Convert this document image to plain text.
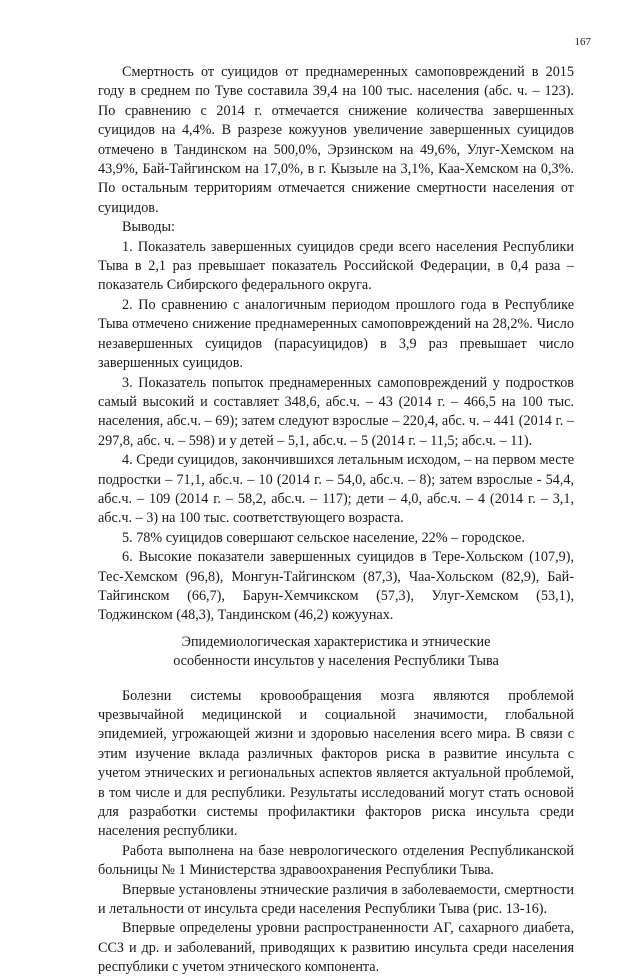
167

Смертность от суицидов от преднамеренных самоповреждений в 2015 году в среднем по Туве составила 39,4 на 100 тыс. населения (абс. ч. – 123). По сравнению с 2014 г. отмечается снижение количества завершенных суицидов на 4,4%. В разрезе кожуунов увеличение завершенных суицидов отмечено в Тандинском на 500,0%, Эрзинском на 49,6%, Улуг-Хемском на 43,9%, Бай-Тайгинском на 17,0%, в г. Кызыле на 3,1%, Каа-Хемском на 0,3%. По остальным территориям отмечается снижение смертности населения от суицидов.

Выводы:

1. Показатель завершенных суицидов среди всего населения Республики Тыва в 2,1 раз превышает показатель Российской Федерации, в 0,4 раза – показатель Сибирского федерального округа.

2. По сравнению с аналогичным периодом прошлого года в Республике Тыва отмечено снижение преднамеренных самоповреждений на 28,2%. Число незавершенных суицидов (парасуицидов) в 3,9 раз превышает число завершенных суицидов.

3. Показатель попыток преднамеренных самоповреждений у подростков самый высокий и составляет 348,6, абс.ч. – 43 (2014 г. – 466,5 на 100 тыс. населения, абс.ч. – 69); затем следуют взрослые – 220,4, абс. ч. – 441 (2014 г. – 297,8, абс. ч. – 598) и у детей – 5,1, абс.ч. – 5 (2014 г. – 11,5; абс.ч. – 11).

4. Среди суицидов, закончившихся летальным исходом, – на первом месте подростки – 71,1, абс.ч. – 10 (2014 г. – 54,0, абс.ч. – 8); затем взрослые - 54,4, абс.ч. – 109 (2014 г. – 58,2, абс.ч. – 117); дети – 4,0, абс.ч. – 4 (2014 г. – 3,1, абс.ч. – 3) на 100 тыс. соответствующего возраста.

5. 78% суицидов совершают сельское население, 22% – городское.

6. Высокие показатели завершенных суицидов в Тере-Хольском (107,9), Тес-Хемском (96,8), Монгун-Тайгинском (87,3), Чаа-Хольском (82,9), Бай-Тайгинском (66,7), Барун-Хемчикском (57,3), Улуг-Хемском (53,1), Тоджинском (48,3), Тандинском (46,2) кожуунах.

Эпидемиологическая характеристика и этнические
особенности инсультов у населения Республики Тыва

Болезни системы кровообращения мозга являются проблемой чрезвычайной медицинской и социальной значимости, глобальной эпидемией, угрожающей жизни и здоровью населения всего мира. В связи с этим изучение вклада различных факторов риска в развитие инсульта с учетом этнических и региональных аспектов является актуальной проблемой, в том числе и для республики. Результаты исследований могут стать основой для разработки системы профилактики факторов риска инсульта среди населения республики.

Работа выполнена на базе неврологического отделения Республиканской больницы № 1 Министерства здравоохранения Республики Тыва.

Впервые установлены этнические различия в заболеваемости, смертности и летальности от инсульта среди населения Республики Тыва (рис. 13-16).

Впервые определены уровни распространенности АГ, сахарного диабета, ССЗ и др. и заболеваний, приводящих к развитию инсульта среди населения республики с учетом этнического компонента.
